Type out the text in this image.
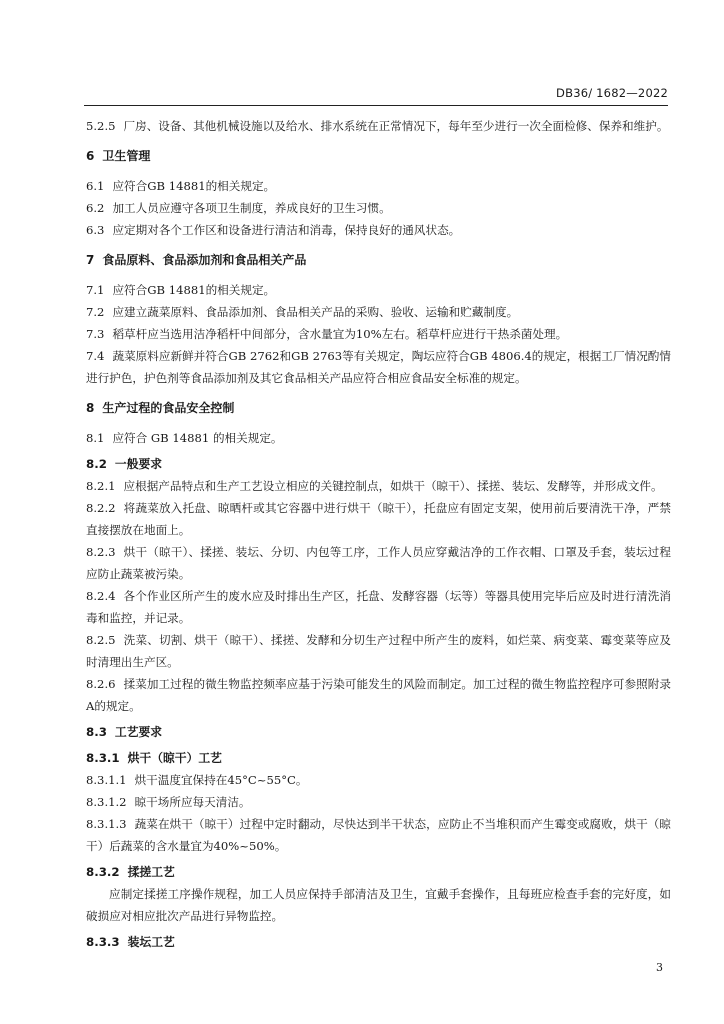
DB36/ 1682—2022
5.2.5 厂房、设备、其他机械设施以及给水、排水系统在正常情况下，每年至少进行一次全面检修、保养和维护。
6 卫生管理
6.1 应符合GB 14881的相关规定。
6.2 加工人员应遵守各项卫生制度，养成良好的卫生习惯。
6.3 应定期对各个工作区和设备进行清洁和消毒，保持良好的通风状态。
7 食品原料、食品添加剂和食品相关产品
7.1 应符合GB 14881的相关规定。
7.2 应建立蔬菜原料、食品添加剂、食品相关产品的采购、验收、运输和贮藏制度。
7.3 稻草杆应当选用洁净稻杆中间部分，含水量宜为10%左右。稻草杆应进行干热杀菌处理。
7.4 蔬菜原料应新鲜并符合GB 2762和GB 2763等有关规定，陶坛应符合GB 4806.4的规定，根据工厂情况酌情进行护色，护色剂等食品添加剂及其它食品相关产品应符合相应食品安全标准的规定。
8 生产过程的食品安全控制
8.1 应符合 GB 14881 的相关规定。
8.2 一般要求
8.2.1 应根据产品特点和生产工艺设立相应的关键控制点，如烘干（晾干）、揉搓、装坛、发酵等，并形成文件。
8.2.2 将蔬菜放入托盘、晾晒杆或其它容器中进行烘干（晾干），托盘应有固定支架，使用前后要清洗干净，严禁直接摆放在地面上。
8.2.3 烘干（晾干）、揉搓、装坛、分切、内包等工序，工作人员应穿戴洁净的工作衣帽、口罩及手套，装坛过程应防止蔬菜被污染。
8.2.4 各个作业区所产生的废水应及时排出生产区，托盘、发酵容器（坛等）等器具使用完毕后应及时进行清洗消毒和监控，并记录。
8.2.5 洗菜、切割、烘干（晾干）、揉搓、发酵和分切生产过程中所产生的废料，如烂菜、病变菜、霉变菜等应及时清理出生产区。
8.2.6 揉菜加工过程的微生物监控频率应基于污染可能发生的风险而制定。加工过程的微生物监控程序可参照附录A的规定。
8.3 工艺要求
8.3.1 烘干（晾干）工艺
8.3.1.1 烘干温度宜保持在45°C~55°C。
8.3.1.2 晾干场所应每天清洁。
8.3.1.3 蔬菜在烘干（晾干）过程中定时翻动，尽快达到半干状态，应防止不当堆积而产生霉变或腐败，烘干（晾干）后蔬菜的含水量宜为40%~50%。
8.3.2 揉搓工艺
应制定揉搓工序操作规程，加工人员应保持手部清洁及卫生，宜戴手套操作，且每班应检查手套的完好度，如破损应对相应批次产品进行异物监控。
8.3.3 装坛工艺
3
